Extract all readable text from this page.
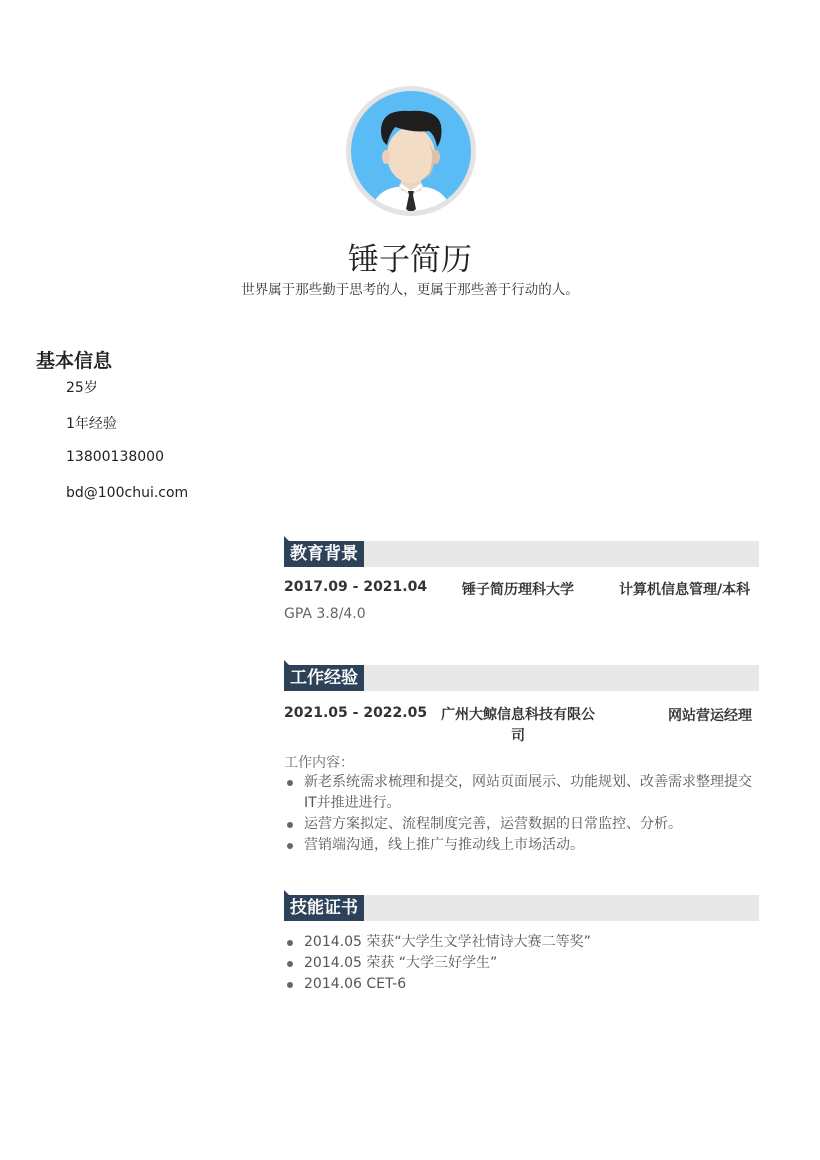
锤子简历
世界属于那些勤于思考的人，更属于那些善于行动的人。
基本信息
25岁
1年经验
13800138000
bd@100chui.com
教育背景
2017.09 - 2021.04 锤子简历理科大学	计算机信息管理/本科
GPA 3.8/4.0
工作经验
2021.05 - 2022.05 广州大鲸信息科技有限公司
网站营运经理
工作内容：
新老系统需求梳理和提交，网站页面展示、功能规划、改善需求整理提交IT并推进进行。
运营方案拟定、流程制度完善，运营数据的日常监控、分析。
营销端沟通，线上推广与推动线上市场活动。
技能证书
2014.05 荣获“大学生文学社情诗大赛二等奖”
2014.05 荣获 “大学三好学生”
2014.06 CET-6
